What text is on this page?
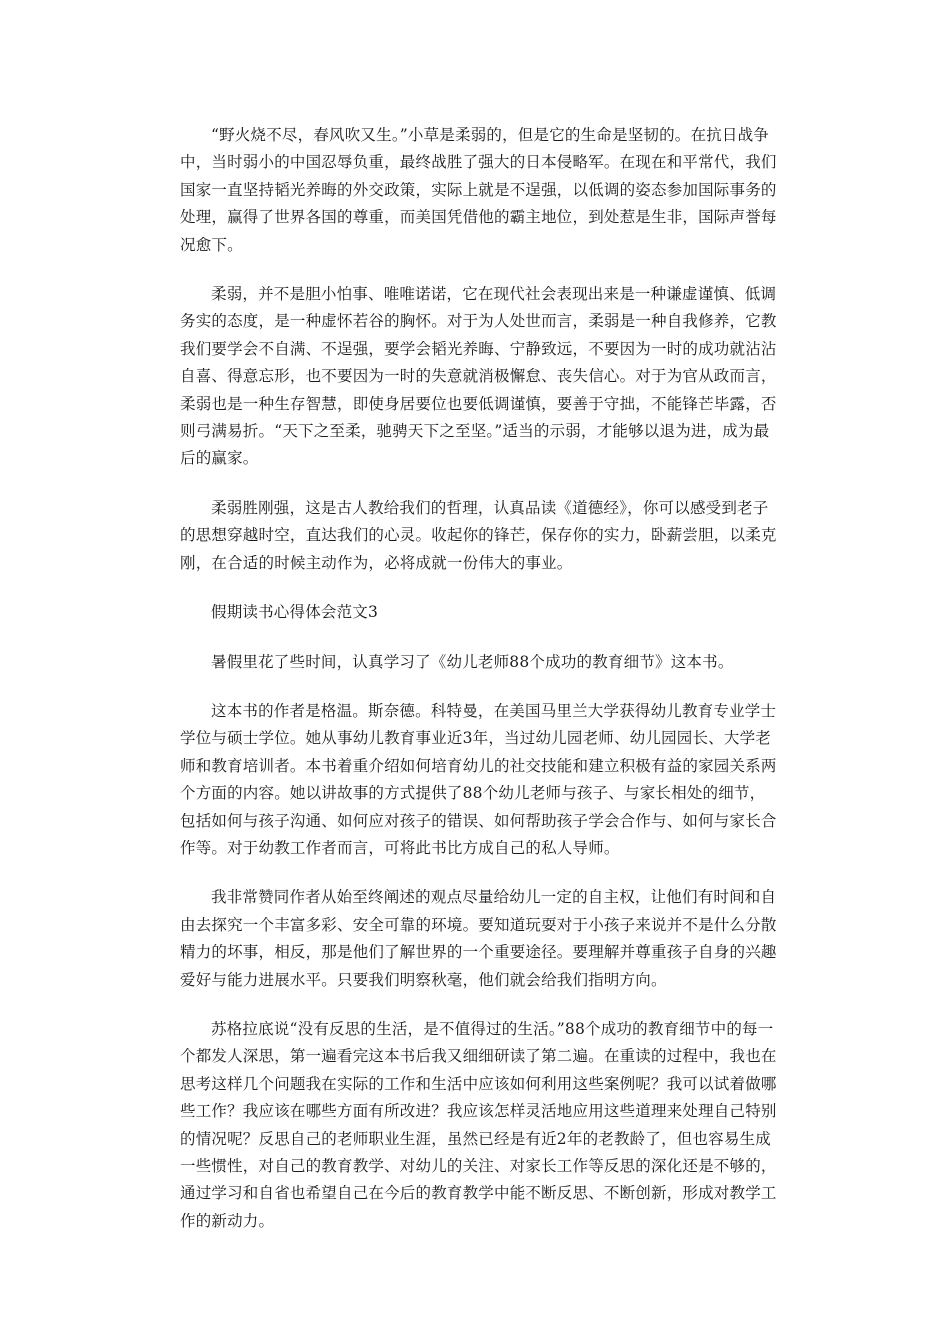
“野火烧不尽，春风吹又生。”小草是柔弱的，但是它的生命是坚韧的。在抗日战争中，当时弱小的中国忍辱负重，最终战胜了强大的日本侵略军。在现在和平常代，我们国家一直坚持韬光养晦的外交政策，实际上就是不逞强，以低调的姿态参加国际事务的处理，赢得了世界各国的尊重，而美国凭借他的霸主地位，到处惹是生非，国际声誉每况愈下。

柔弱，并不是胆小怕事、唯唯诺诺，它在现代社会表现出来是一种谦虚谨慎、低调务实的态度，是一种虚怀若谷的胸怀。对于为人处世而言，柔弱是一种自我修养，它教我们要学会不自满、不逞强，要学会韬光养晦、宁静致远，不要因为一时的成功就沾沾自喜、得意忘形，也不要因为一时的失意就消极懈怠、丧失信心。对于为官从政而言，柔弱也是一种生存智慧，即使身居要位也要低调谨慎，要善于守拙，不能锋芒毕露，否则弓满易折。“天下之至柔，驰骋天下之至坚。”适当的示弱，才能够以退为进，成为最后的赢家。

柔弱胜刚强，这是古人教给我们的哲理，认真品读《道德经》，你可以感受到老子的思想穿越时空，直达我们的心灵。收起你的锋芒，保存你的实力，卧薪尝胆，以柔克刚，在合适的时候主动作为，必将成就一份伟大的事业。

假期读书心得体会范文3

暑假里花了些时间，认真学习了《幼儿老师88个成功的教育细节》这本书。

这本书的作者是格温。斯奈德。科特曼，在美国马里兰大学获得幼儿教育专业学士学位与硕士学位。她从事幼儿教育事业近3年，当过幼儿园老师、幼儿园园长、大学老师和教育培训者。本书着重介绍如何培育幼儿的社交技能和建立积极有益的家园关系两个方面的内容。她以讲故事的方式提供了88个幼儿老师与孩子、与家长相处的细节，包括如何与孩子沟通、如何应对孩子的错误、如何帮助孩子学会合作与、如何与家长合作等。对于幼教工作者而言，可将此书比方成自己的私人导师。

我非常赞同作者从始至终阐述的观点尽量给幼儿一定的自主权，让他们有时间和自由去探究一个丰富多彩、安全可靠的环境。要知道玩耍对于小孩子来说并不是什么分散精力的坏事，相反，那是他们了解世界的一个重要途径。要理解并尊重孩子自身的兴趣爱好与能力进展水平。只要我们明察秋毫，他们就会给我们指明方向。

苏格拉底说“没有反思的生活，是不值得过的生活。”88个成功的教育细节中的每一个都发人深思，第一遍看完这本书后我又细细研读了第二遍。在重读的过程中，我也在思考这样几个问题我在实际的工作和生活中应该如何利用这些案例呢？我可以试着做哪些工作？我应该在哪些方面有所改进？我应该怎样灵活地应用这些道理来处理自己特别的情况呢？反思自己的老师职业生涯，虽然已经是有近2年的老教龄了，但也容易生成一些惯性，对自己的教育教学、对幼儿的关注、对家长工作等反思的深化还是不够的，通过学习和自省也希望自己在今后的教育教学中能不断反思、不断创新，形成对教学工作的新动力。
